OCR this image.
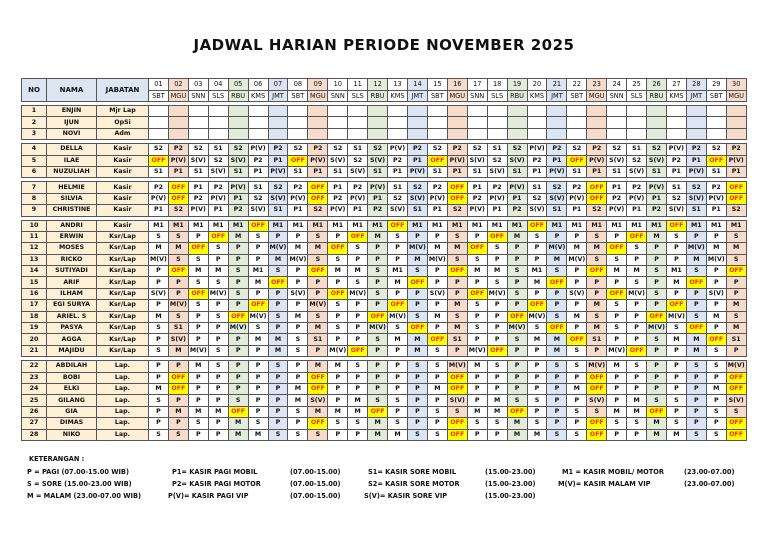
JADWAL HARIAN PERIODE NOVEMBER 2025
NO	NAMA	JABATAN	01	02	03	04	05	06	07	08	09	10	11	12	13	14	15	16	17	18	19	20	21	22	23	24	25	26	27	28	29	30
			SBT	MGU	SNN	SLS	RBU	KMS	JMT	SBT	MGU	SNN	SLS	RBU	KMS	JMT	SBT	MGU	SNN	SLS	RBU	KMS	JMT	SBT	MGU	SNN	SLS	RBU	KMS	JMT	SBT	MGU

1	ENJIN	Mjr Lap																														
2	IJUN	OpSi																														
3	NOVI	Adm																														

4	DELLA	Kasir	S2	P2	S2	S1	S2	P(V)	P2	S2	P2	S2	S1	S2	P(V)	P2	S2	P2	S2	S1	S2	P(V)	P2	S2	P2	S2	S1	S2	P(V)	P2	S2	P2
5	ILAE	Kasir	OFF	P(V)	S(V)	S2	S(V)	P2	P1	OFF	P(V)	S(V)	S2	S(V)	P2	P1	OFF	P(V)	S(V)	S2	S(V)	P2	P1	OFF	P(V)	S(V)	S2	S(V)	P2	P1	OFF	P(V)
6	NUZULIAH	Kasir	S1	P1	S1	S(V)	S1	P1	P(V)	S1	P1	S1	S(V)	S1	P1	P(V)	S1	P1	S1	S(V)	S1	P1	P(V)	S1	P1	S1	S(V)	S1	P1	P(V)	S1	P1

7	HELMIE	Kasir	P2	OFF	P1	P2	P(V)	S1	S2	P2	OFF	P1	P2	P(V)	S1	S2	P2	OFF	P1	P2	P(V)	S1	S2	P2	OFF	P1	P2	P(V)	S1	S2	P2	OFF
8	SILVIA	Kasir	P(V)	OFF	P2	P(V)	P1	S2	S(V)	P(V)	OFF	P2	P(V)	P1	S2	S(V)	P(V)	OFF	P2	P(V)	P1	S2	S(V)	P(V)	OFF	P2	P(V)	P1	S2	S(V)	P(V)	OFF
9	CHRISTINE	Kasir	P1	S2	P(V)	P1	P2	S(V)	S1	P1	S2	P(V)	P1	P2	S(V)	S1	P1	S2	P(V)	P1	P2	S(V)	S1	P1	S2	P(V)	P1	P2	S(V)	S1	P1	S2

10	ANDRI	Kasir	M1	M1	M1	M1	M1	OFF	M1	M1	M1	M1	M1	M1	OFF	M1	M1	M1	M1	M1	M1	OFF	M1	M1	M1	M1	M1	M1	OFF	M1	M1	M1
11	ERWIN	Ksr/Lap	S	S	P	OFF	M	S	P	P	S	P	OFF	M	S	P	P	S	P	OFF	M	S	P	P	S	P	OFF	M	S	P	P	S
12	MOSES	Ksr/Lap	M	M	OFF	S	P	P	M(V)	M	M	OFF	S	P	P	M(V)	M	M	OFF	S	P	P	M(V)	M	M	OFF	S	P	P	M(V)	M	M
13	RICKO	Ksr/Lap	M(V)	S	S	P	P	P	M	M(V)	S	S	P	P	P	M	M(V)	S	S	P	P	P	M	M(V)	S	S	P	P	P	M	M(V)	S
14	SUTIYADI	Ksr/Lap	P	OFF	M	M	S	M1	S	P	OFF	M	M	S	M1	S	P	OFF	M	M	S	M1	S	P	OFF	M	M	S	M1	S	P	OFF
15	ARIF	Ksr/Lap	P	P	S	S	P	M	OFF	P	P	P	S	P	M	OFF	P	P	P	S	P	M	OFF	P	P	P	S	P	M	OFF	P	P
16	ILHAM	Ksr/Lap	S(V)	P	OFF	M(V)	S	P	P	S(V)	P	OFF	M(V)	S	P	P	S(V)	P	OFF	M(V)	S	P	P	S(V)	P	OFF	M(V)	S	P	P	S(V)	P
17	EGI SURYA	Ksr/Lap	P	M(V)	S	P	P	OFF	P	P	M(V)	S	P	P	OFF	P	P	M	S	P	P	OFF	P	P	M	S	P	P	OFF	P	P	M
18	ARIEL. S	Ksr/Lap	M	S	P	S	OFF	M(V)	S	M	S	P	P	OFF	M(V)	S	M	S	P	P	OFF	M(V)	S	M	S	P	P	OFF	M(V)	S	M	S
19	PASYA	Ksr/Lap	S	S1	P	P	M(V)	S	P	P	M	S	P	M(V)	S	OFF	P	M	S	P	M(V)	S	OFF	P	M	S	P	M(V)	S	OFF	P	M
20	AGGA	Ksr/Lap	P	S(V)	P	P	P	M	M	S	S1	P	P	S	M	M	OFF	S1	P	P	S	M	M	OFF	S1	P	P	S	M	M	OFF	S1
21	MAJIDU	Ksr/Lap	S	M	M(V)	S	P	P	M	S	P	M(V)	OFF	P	P	M	S	P	M(V)	OFF	P	P	M	S	P	M(V)	OFF	P	P	M	S	P

22	ABDILAH	Lap.	P	P	M	S	P	P	S	P	M	M	S	P	P	S	S	M(V)	M	S	P	P	S	S	M(V)	M	S	P	P	S	S	M(V)
23	BOBI	Lap.	P	OFF	P	P	P	P	P	P	OFF	P	P	P	P	P	P	OFF	P	P	P	P	P	P	OFF	P	P	P	P	P	P	OFF
24	ELKI	Lap.	M	OFF	P	P	P	P	P	M	OFF	P	P	P	P	P	M	OFF	P	P	P	P	P	M	OFF	P	P	P	P	P	M	OFF
25	GILANG	Lap.	S	P	P	P	S	P	P	M	S(V)	P	M	S	S	P	P	S(V)	P	M	S	S	P	P	S(V)	P	M	S	S	P	P	S(V)
26	GIA	Lap.	P	M	M	M	OFF	P	P	S	M	M	M	OFF	P	P	S	S	M	M	OFF	P	P	S	S	M	M	OFF	P	P	S	S
27	DIMAS	Lap.	P	P	S	P	M	S	P	P	OFF	S	S	M	S	P	P	OFF	S	S	M	S	P	P	OFF	S	S	M	S	P	P	OFF
28	NIKO	Lap.	S	S	P	P	M	M	S	S	S	P	P	M	M	S	S	OFF	P	P	M	M	S	S	OFF	P	P	M	M	S	S	OFF
KETERANGAN :
P = PAGI (07.00-15.00 WIB)
S = SORE (15.00-23.00 WIB)
M = MALAM (23.00-07.00 WIB)
P1= KASIR PAGI MOBIL	(07.00-15.00)
P2= KASIR PAGI MOTOR	(07.00-15.00)
P(V)= KASIR PAGI VIP	(07.00-15.00)
S1= KASIR SORE MOBIL	(15.00-23.00)
S2= KASIR SORE MOTOR	(15.00-23.00)
S(V)= KASIR SORE VIP	(15.00-23.00)
M1 = KASIR MOBIL/ MOTOR	(23.00-07.00)
M(V)= KASIR MALAM VIP	(23.00-07.00)
